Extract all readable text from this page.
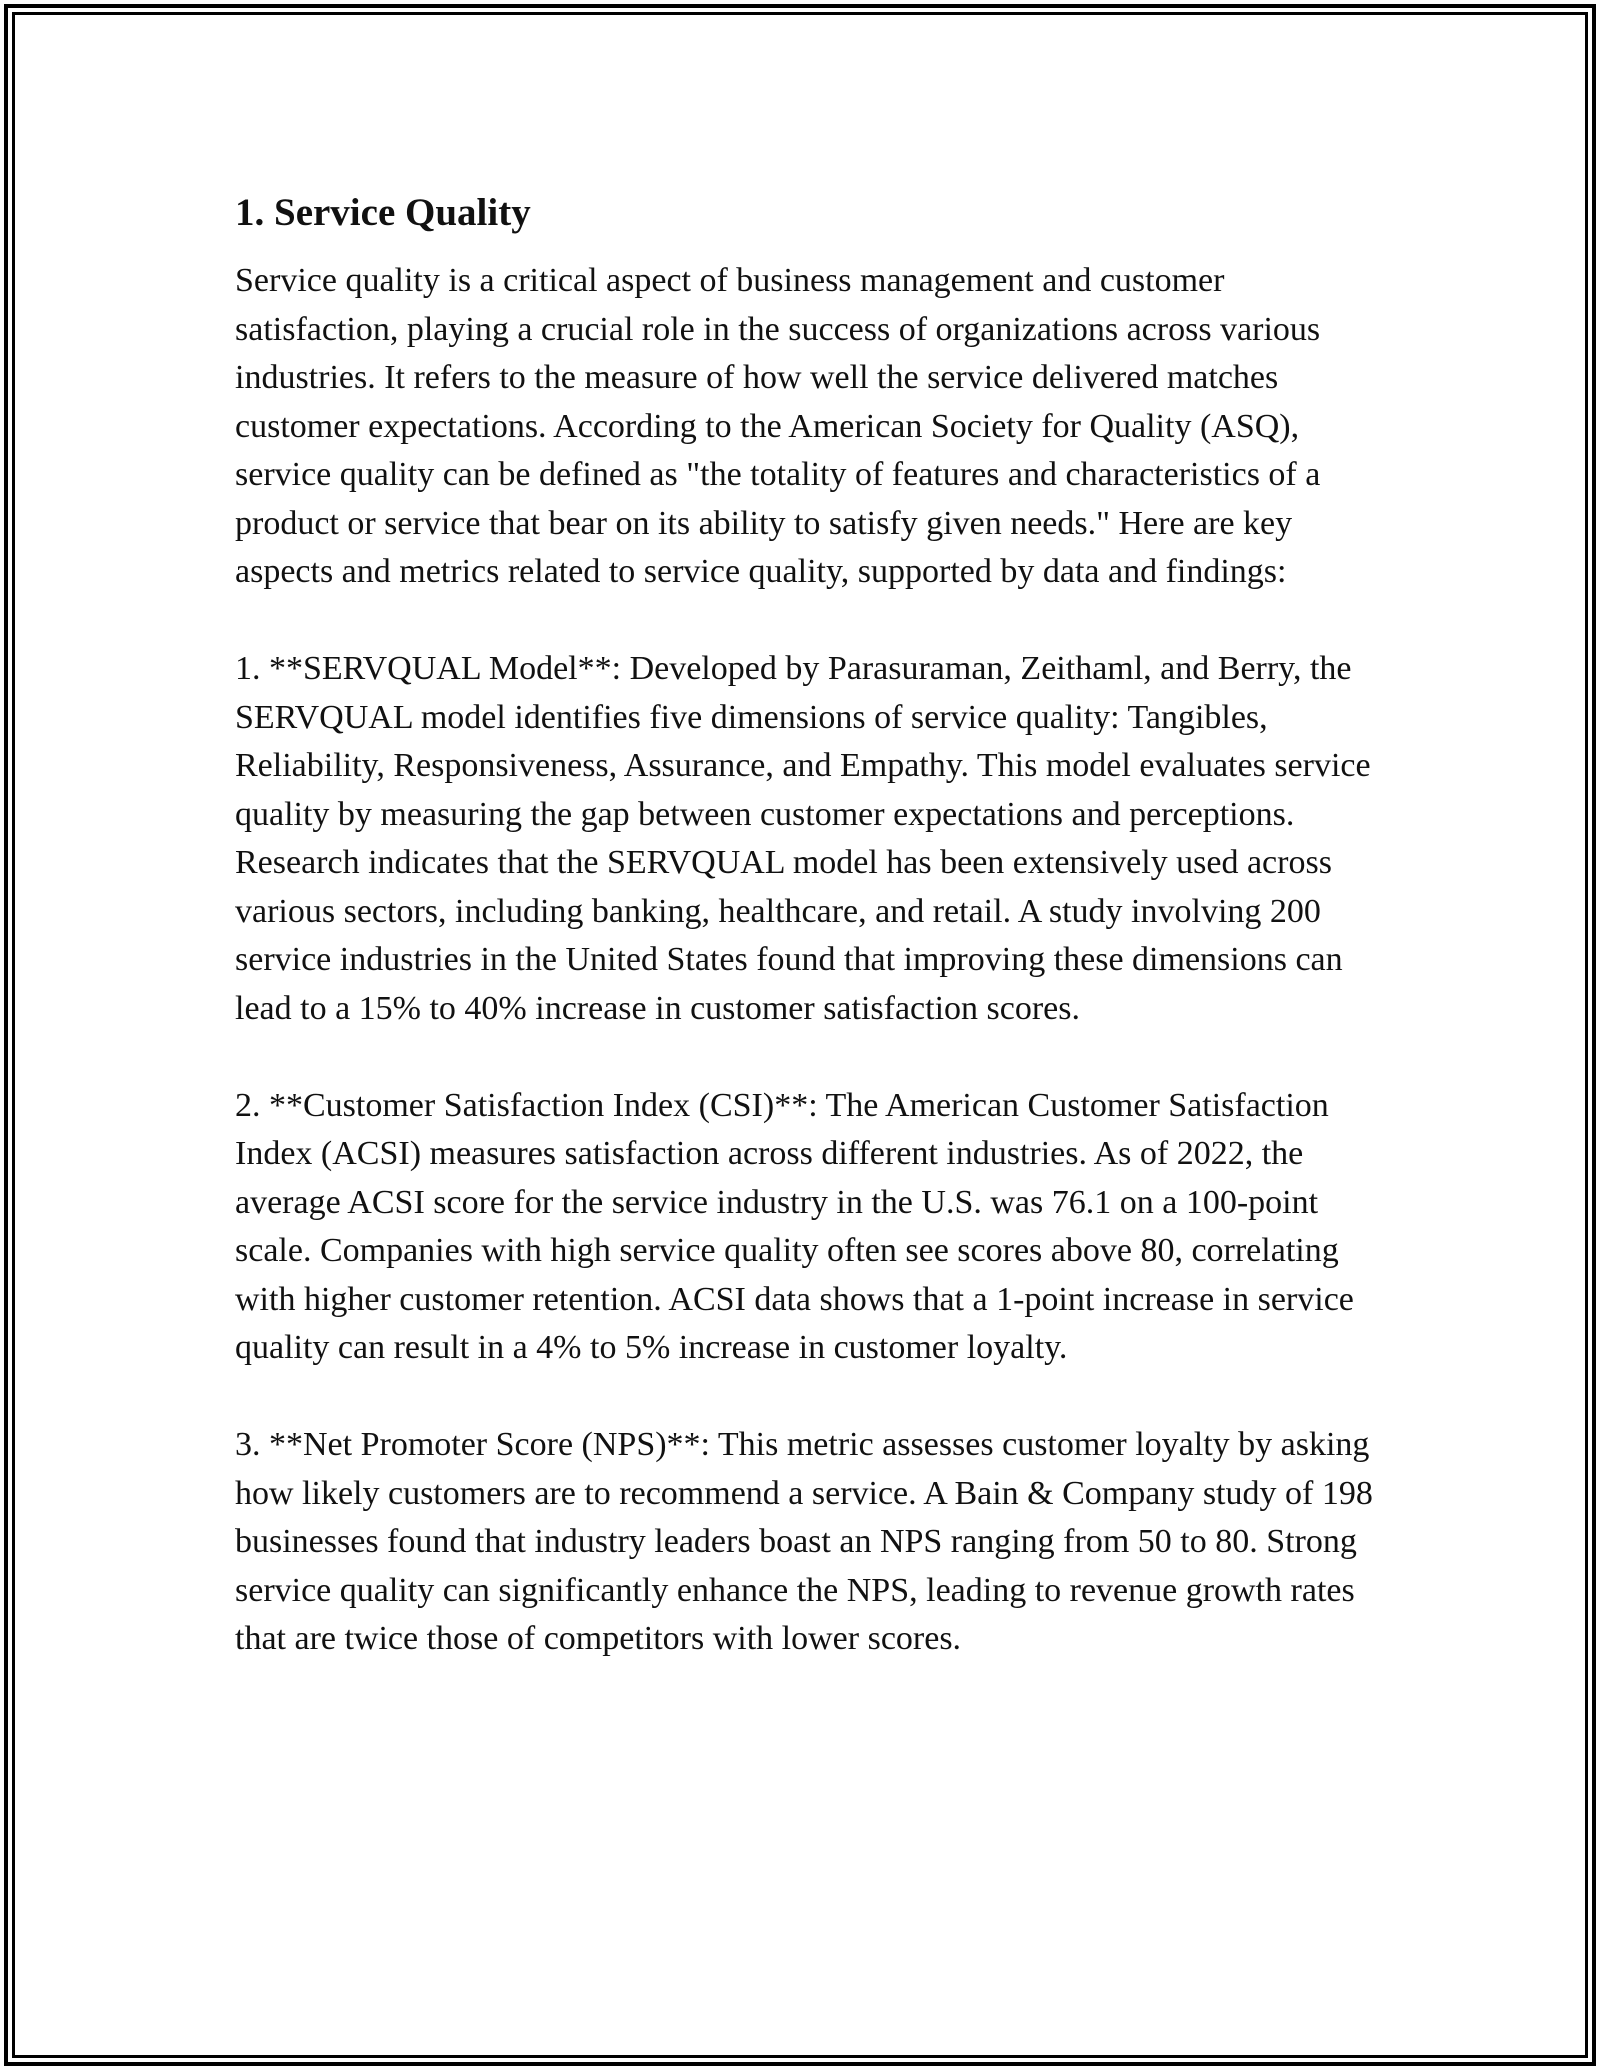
1. Service Quality

Service quality is a critical aspect of business management and customer satisfaction, playing a crucial role in the success of organizations across various industries. It refers to the measure of how well the service delivered matches customer expectations. According to the American Society for Quality (ASQ), service quality can be defined as "the totality of features and characteristics of a product or service that bear on its ability to satisfy given needs." Here are key aspects and metrics related to service quality, supported by data and findings:

1. **SERVQUAL Model**: Developed by Parasuraman, Zeithaml, and Berry, the SERVQUAL model identifies five dimensions of service quality: Tangibles, Reliability, Responsiveness, Assurance, and Empathy. This model evaluates service quality by measuring the gap between customer expectations and perceptions. Research indicates that the SERVQUAL model has been extensively used across various sectors, including banking, healthcare, and retail. A study involving 200 service industries in the United States found that improving these dimensions can lead to a 15% to 40% increase in customer satisfaction scores.

2. **Customer Satisfaction Index (CSI)**: The American Customer Satisfaction Index (ACSI) measures satisfaction across different industries. As of 2022, the average ACSI score for the service industry in the U.S. was 76.1 on a 100-point scale. Companies with high service quality often see scores above 80, correlating with higher customer retention. ACSI data shows that a 1-point increase in service quality can result in a 4% to 5% increase in customer loyalty.

3. **Net Promoter Score (NPS)**: This metric assesses customer loyalty by asking how likely customers are to recommend a service. A Bain & Company study of 198 businesses found that industry leaders boast an NPS ranging from 50 to 80. Strong service quality can significantly enhance the NPS, leading to revenue growth rates that are twice those of competitors with lower scores.
